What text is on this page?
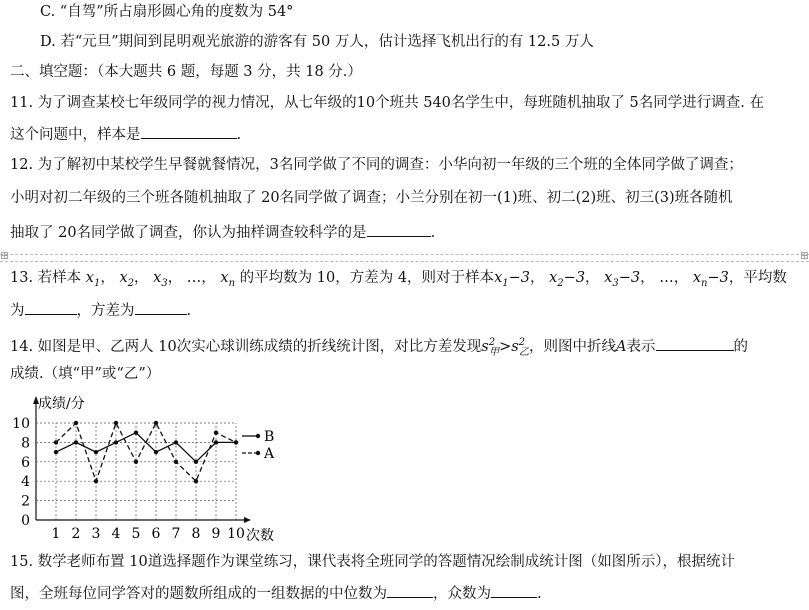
C. “自驾”所占扇形圆心角的度数为 54°
D. 若“元旦”期间到昆明观光旅游的游客有 50 万人，估计选择飞机出行的有 12.5 万人
二、填空题：（本大题共 6 题，每题 3 分，共 18 分.）
11. 为了调查某校七年级同学的视力情况，从七年级的10个班共 540名学生中，每班随机抽取了 5名同学进行调查. 在
这个问题中，样本是	.
12. 为了解初中某校学生早餐就餐情况，3名同学做了不同的调查：小华向初一年级的三个班的全体同学做了调查；
小明对初二年级的三个班各随机抽取了 20名同学做了调查；小兰分别在初一(1)班、初二(2)班、初三(3)班各随机
抽取了 20名同学做了调查，你认为抽样调查较科学的是	.
⊞	⊞
13. 若样本 $x_1$， $x_2$， $x_3$， …， $x_n$ 的平均数为 10，方差为 4，则对于样本$x_1-3$， $x_2-3$， $x_3-3$， …， $x_n-3$，平均数
为	，方差为	.
14. 如图是甲、乙两人 10次实心球训练成绩的折线统计图，对比方差发现$s^2_甲>s^2_乙$，则图中折线A表示	的
成绩.（填“甲”或“乙”）
0
2
4
6
8
10
1 2 3 4 5 6 7 8 9 10
成绩/分
次数
B
A
15. 数学老师布置 10道选择题作为课堂练习，课代表将全班同学的答题情况绘制成统计图（如图所示），根据统计
图，全班每位同学答对的题数所组成的一组数据的中位数为	，众数为	.
